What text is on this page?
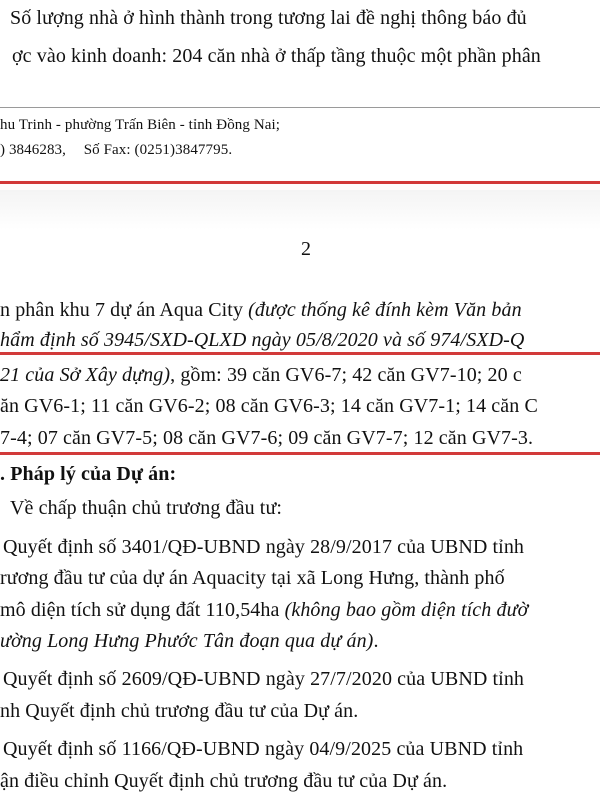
Số lượng nhà ở hình thành trong tương lai đề nghị thông báo đủ
ợc vào kinh doanh: 204 căn nhà ở thấp tầng thuộc một phần phân
hu Trinh - phường Trấn Biên - tỉnh Đồng Nai;
) 3846283, Số Fax: (0251)3847795.
2
n phân khu 7 dự án Aqua City (được thống kê đính kèm Văn bản
hẩm định số 3945/SXD-QLXD ngày 05/8/2020 và số 974/SXD-Q
21 của Sở Xây dựng), gồm: 39 căn GV6-7; 42 căn GV7-10; 20 c
ăn GV6-1; 11 căn GV6-2; 08 căn GV6-3; 14 căn GV7-1; 14 căn C
7-4; 07 căn GV7-5; 08 căn GV7-6; 09 căn GV7-7; 12 căn GV7-3.
. Pháp lý của Dự án:
Về chấp thuận chủ trương đầu tư:
Quyết định số 3401/QĐ-UBND ngày 28/9/2017 của UBND tỉnh
rương đầu tư của dự án Aquacity tại xã Long Hưng, thành phố
mô diện tích sử dụng đất 110,54ha (không bao gồm diện tích đườ
ường Long Hưng Phước Tân đoạn qua dự án).
Quyết định số 2609/QĐ-UBND ngày 27/7/2020 của UBND tỉnh
nh Quyết định chủ trương đầu tư của Dự án.
Quyết định số 1166/QĐ-UBND ngày 04/9/2025 của UBND tỉnh
ận điều chỉnh Quyết định chủ trương đầu tư của Dự án.
